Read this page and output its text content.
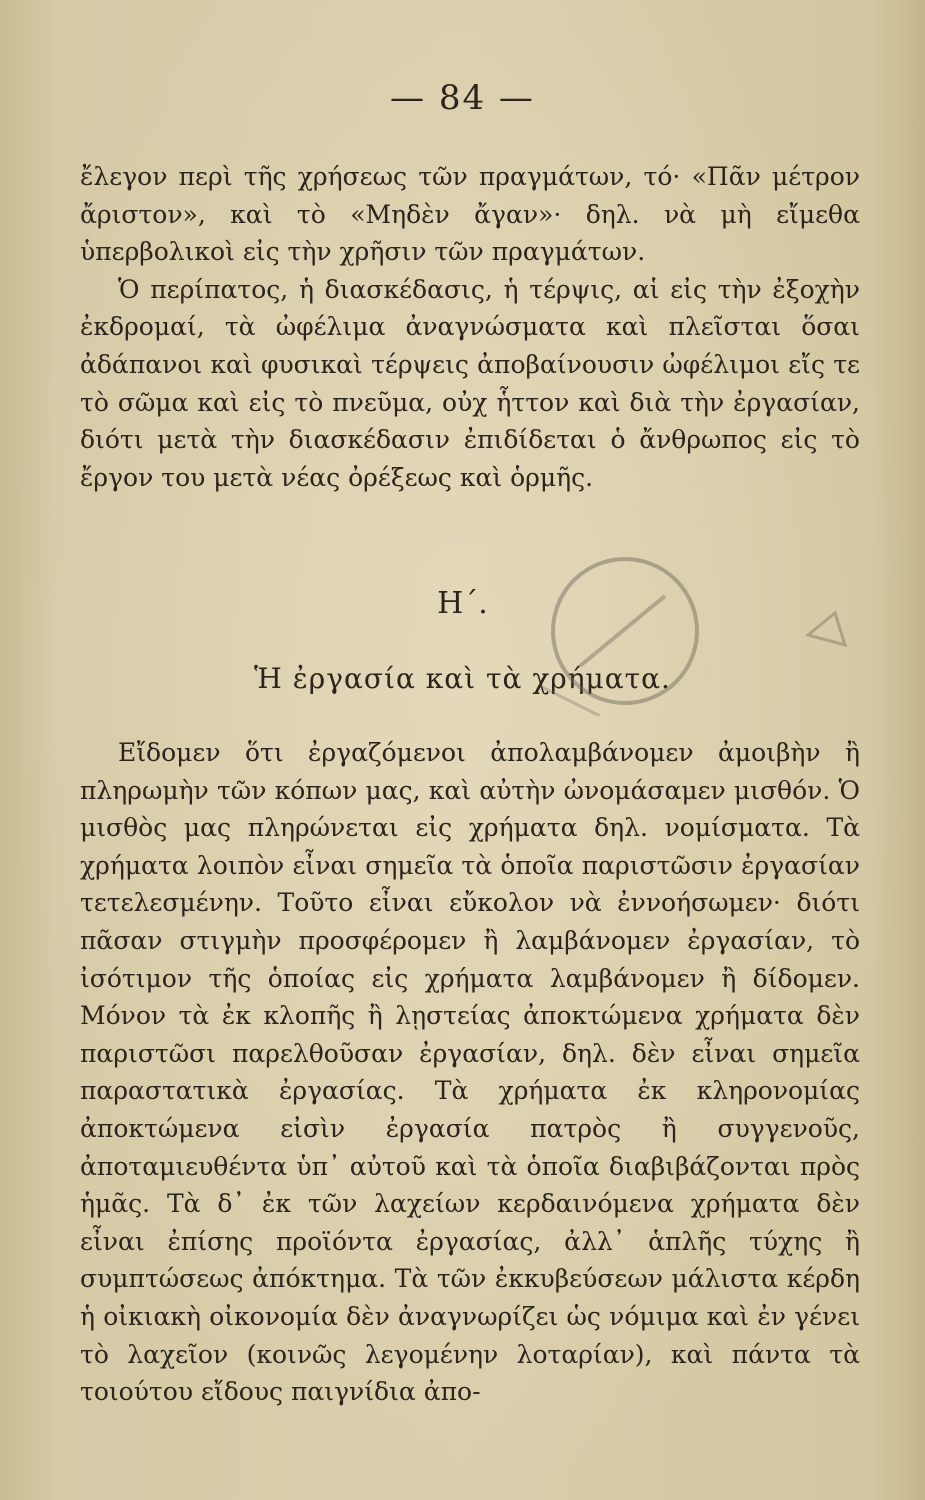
— 84 —

ἔλεγον περὶ τῆς χρήσεως τῶν πραγμάτων, τό· «Πᾶν μέτρον ἄριστον», καὶ τὸ «Μηδὲν ἄγαν»· δηλ. νὰ μὴ εἴμεθα ὑπερβολικοὶ εἰς τὴν χρῆσιν τῶν πραγμάτων.

Ὁ περίπατος, ἡ διασκέδασις, ἡ τέρψις, αἱ εἰς τὴν ἐξοχὴν ἐκδρομαί, τὰ ὠφέλιμα ἀναγνώσματα καὶ πλεῖσται ὅσαι ἀδάπανοι καὶ φυσικαὶ τέρψεις ἀποβαίνουσιν ὠφέλιμοι εἴς τε τὸ σῶμα καὶ εἰς τὸ πνεῦμα, οὐχ ἧττον καὶ διὰ τὴν ἐργασίαν, διότι μετὰ τὴν διασκέδασιν ἐπιδίδεται ὁ ἄνθρωπος εἰς τὸ ἔργον του μετὰ νέας ὀρέξεως καὶ ὁρμῆς.

Η΄.
Ἡ ἐργασία καὶ τὰ χρήματα.

Εἴδομεν ὅτι ἐργαζόμενοι ἀπολαμβάνομεν ἀμοιβὴν ἢ πληρωμὴν τῶν κόπων μας, καὶ αὐτὴν ὠνομάσαμεν μισθόν. Ὁ μισθὸς μας πληρώνεται εἰς χρήματα δηλ. νομίσματα. Τὰ χρήματα λοιπὸν εἶναι σημεῖα τὰ ὁποῖα παριστῶσιν ἐργασίαν τετελεσμένην. Τοῦτο εἶναι εὔκολον νὰ ἐννοήσωμεν· διότι πᾶσαν στιγμὴν προσφέρομεν ἢ λαμβάνομεν ἐργασίαν, τὸ ἰσότιμον τῆς ὁποίας εἰς χρήματα λαμβάνομεν ἢ δίδομεν. Μόνον τὰ ἐκ κλοπῆς ἢ λῃστείας ἀποκτώμενα χρήματα δὲν παριστῶσι παρελθοῦσαν ἐργασίαν, δηλ. δὲν εἶναι σημεῖα παραστατικὰ ἐργασίας. Τὰ χρήματα ἐκ κληρονομίας ἀποκτώμενα εἰσὶν ἐργασία πατρὸς ἢ συγγενοῦς, ἀποταμιευθέντα ὑπ᾽ αὐτοῦ καὶ τὰ ὁποῖα διαβιβάζονται πρὸς ἡμᾶς. Τὰ δ᾽ ἐκ τῶν λαχείων κερδαινόμενα χρήματα δὲν εἶναι ἐπίσης προϊόντα ἐργασίας, ἀλλ᾽ ἁπλῆς τύχης ἢ συμπτώσεως ἀπόκτημα. Τὰ τῶν ἐκκυβεύσεων μάλιστα κέρδη ἡ οἰκιακὴ οἰκονομία δὲν ἀναγνωρίζει ὡς νόμιμα καὶ ἐν γένει τὸ λαχεῖον (κοινῶς λεγομένην λοταρίαν), καὶ πάντα τὰ τοιούτου εἴδους παιγνίδια ἀπο-
